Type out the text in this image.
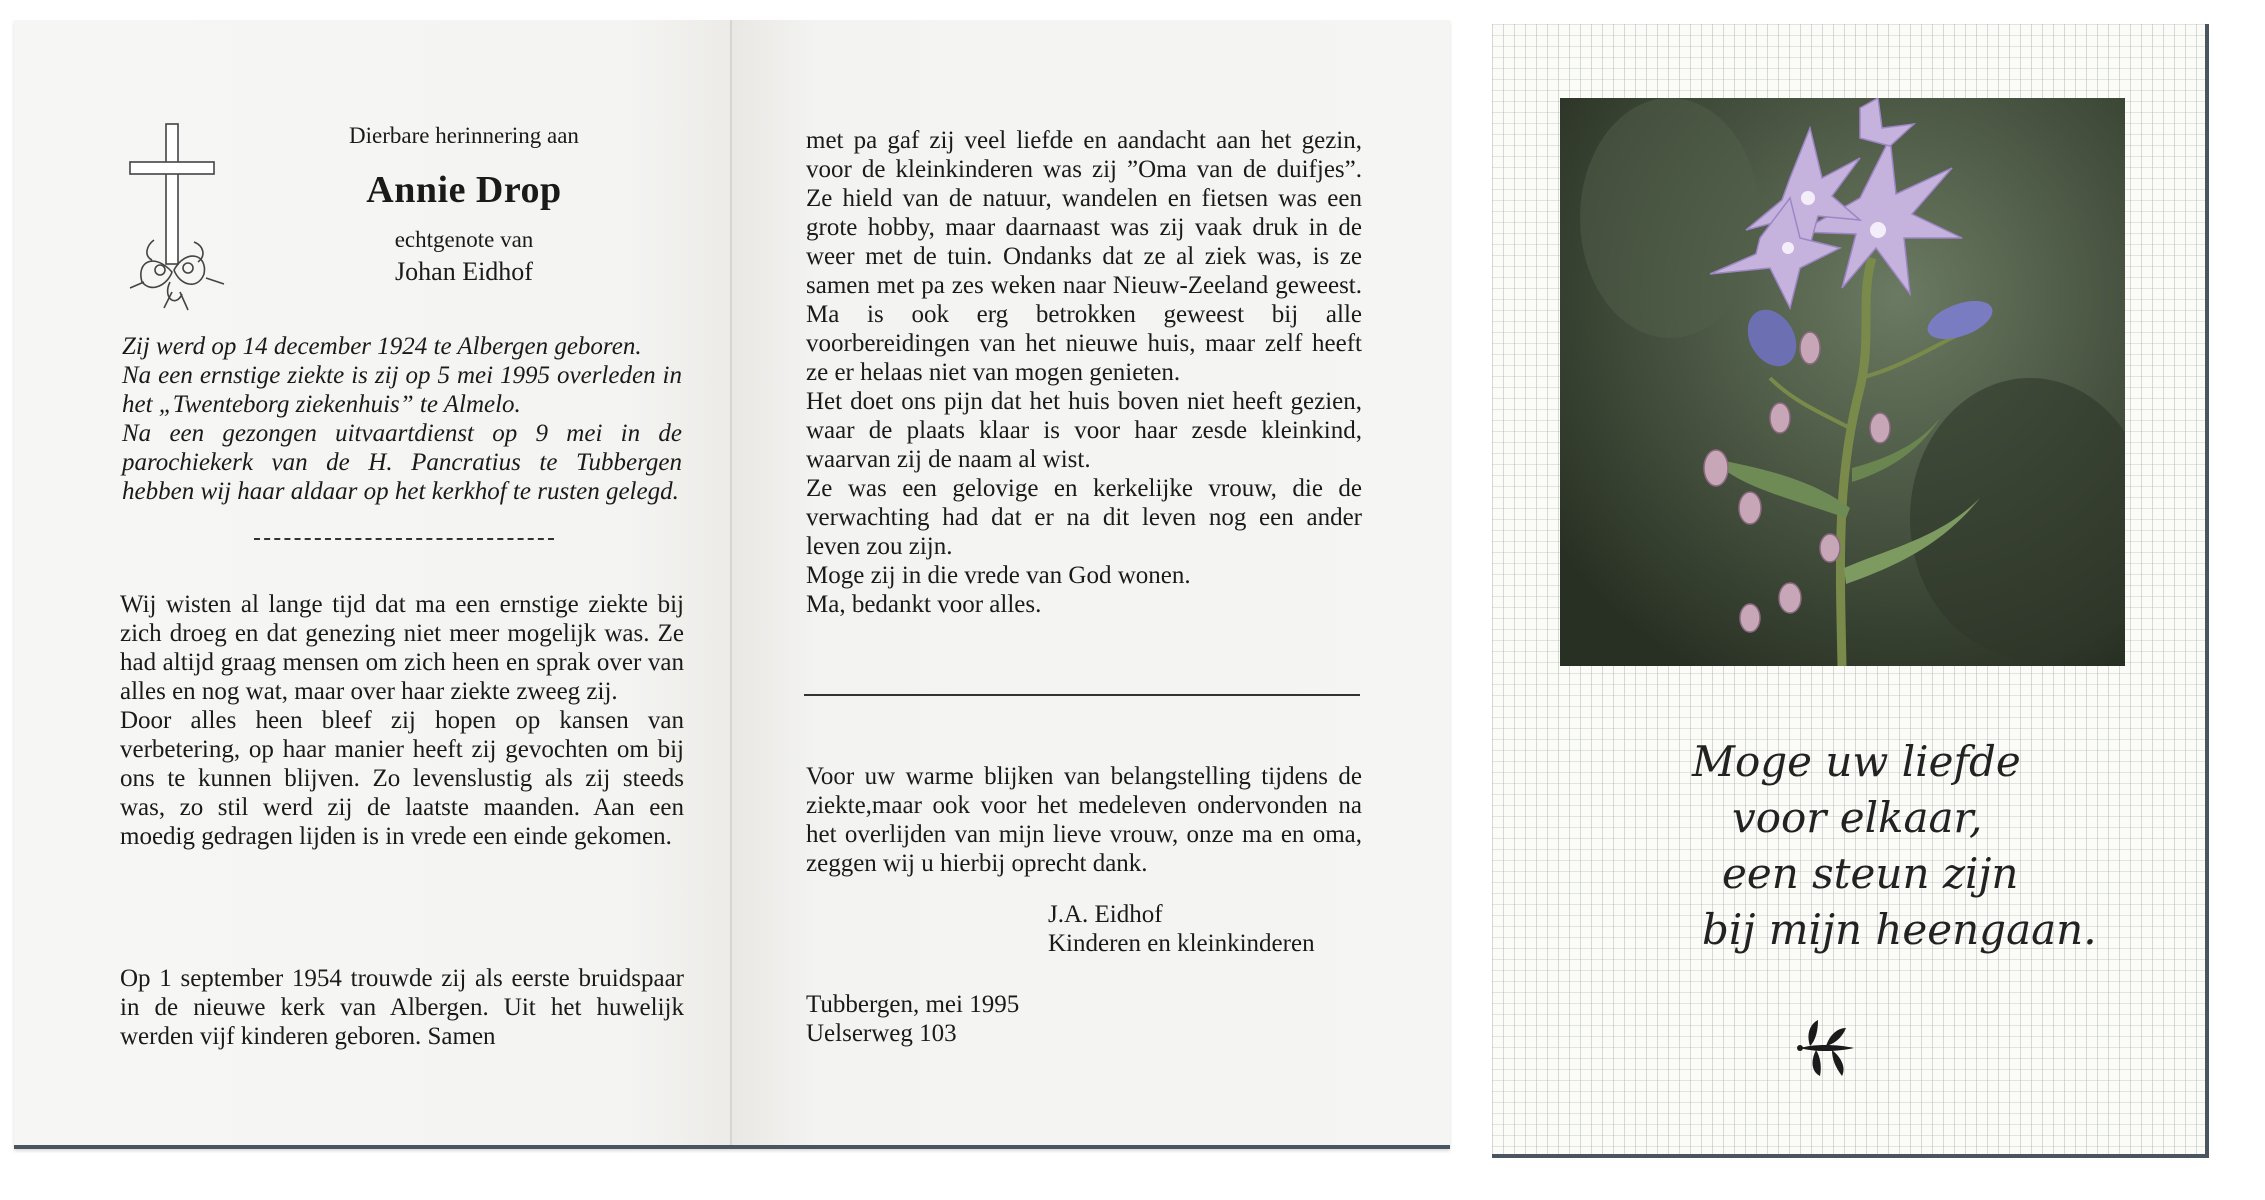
Dierbare herinnering aan
Annie Drop
echtgenote van
Johan Eidhof

Zij werd op 14 december 1924 te Albergen geboren.

Na een ernstige ziekte is zij op 5 mei 1995 overleden in het „Twenteborg ziekenhuis” te Almelo.

Na een gezongen uitvaartdienst op 9 mei in de parochiekerk van de H. Pancratius te Tubbergen hebben wij haar aldaar op het kerkhof te rusten gelegd.

Wij wisten al lange tijd dat ma een ernstige ziekte bij zich droeg en dat genezing niet meer mogelijk was. Ze had altijd graag mensen om zich heen en sprak over van alles en nog wat, maar over haar ziekte zweeg zij.

Door alles heen bleef zij hopen op kansen van verbetering, op haar manier heeft zij gevochten om bij ons te kunnen blijven. Zo levenslustig als zij steeds was, zo stil werd zij de laatste maanden. Aan een moedig gedragen lijden is in vrede een einde gekomen.

Op 1 september 1954 trouwde zij als eerste bruidspaar in de nieuwe kerk van Albergen. Uit het huwelijk werden vijf kinderen geboren. Samen

met pa gaf zij veel liefde en aandacht aan het gezin, voor de kleinkinderen was zij ”Oma van de duifjes”. Ze hield van de natuur, wandelen en fietsen was een grote hobby, maar daarnaast was zij vaak druk in de weer met de tuin. Ondanks dat ze al ziek was, is ze samen met pa zes weken naar Nieuw-Zeeland geweest. Ma is ook erg betrokken geweest bij alle voorbereidingen van het nieuwe huis, maar zelf heeft ze er helaas niet van mogen genieten.

Het doet ons pijn dat het huis boven niet heeft gezien, waar de plaats klaar is voor haar zesde kleinkind, waarvan zij de naam al wist.

Ze was een gelovige en kerkelijke vrouw, die de verwachting had dat er na dit leven nog een ander leven zou zijn.

Moge zij in die vrede van God wonen.

Ma, bedankt voor alles.

Voor uw warme blijken van belangstelling tijdens de ziekte,maar ook voor het medeleven ondervonden na het overlijden van mijn lieve vrouw, onze ma en oma, zeggen wij u hierbij oprecht dank.

J.A. Eidhof
Kinderen en kleinkinderen
Tubbergen, mei 1995
Uelserweg 103
Moge uw liefde
voor elkaar,
een steun zijn
bij mijn heengaan.
